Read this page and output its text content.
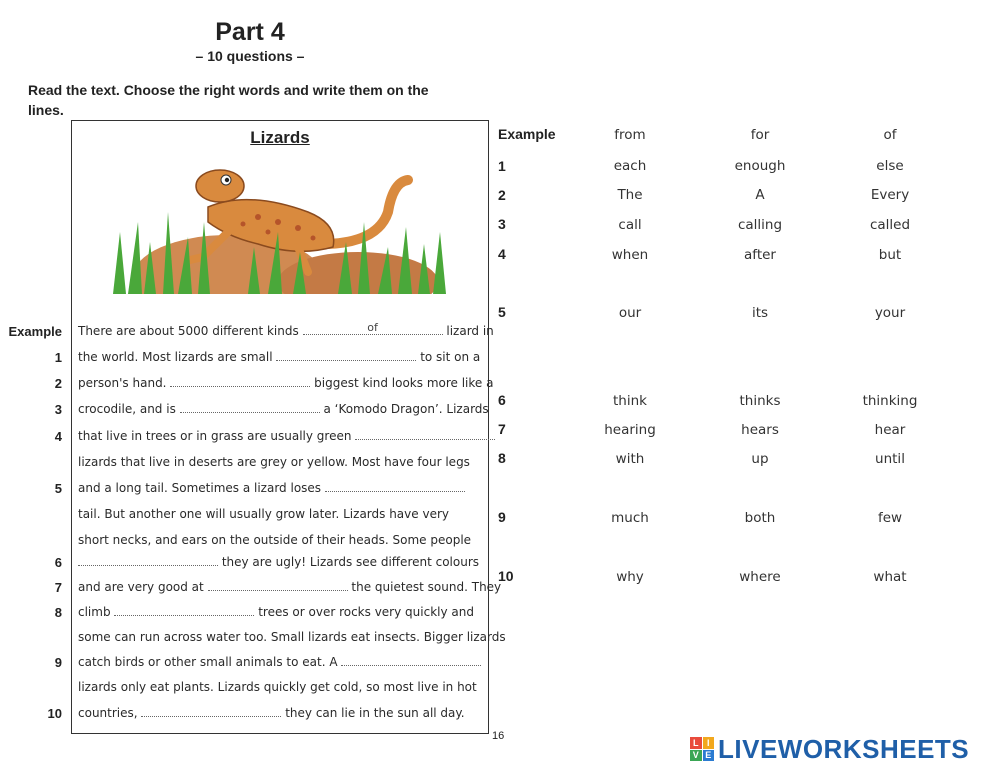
Part 4
– 10 questions –
Read the text. Choose the right words and write them on the lines.
Lizards
There are about 5000 different kinds	of	lizard in
the world. Most lizards are small	to sit on a
person's hand.	biggest kind looks more like a
crocodile, and is	a ‘Komodo Dragon’. Lizards
that live in trees or in grass are usually green
lizards that live in deserts are grey or yellow. Most have four legs
and a long tail. Sometimes a lizard loses
tail. But another one will usually grow later. Lizards have very
short necks, and ears on the outside of their heads. Some people
they are ugly! Lizards see different colours
and are very good at	the quietest sound. They
climb	trees or over rocks very quickly and
some can run across water too. Small lizards eat insects. Bigger lizards
catch birds or other small animals to eat. A
lizards only eat plants. Lizards quickly get cold, so most live in hot
countries,	they can lie in the sun all day.
Example
1
2
3
4
5
6
7
8
9
10
Example	from	for	of
1	each	enough	else
2	The	A	Every
3	call	calling	called
4	when	after	but
5	our	its	your
6	think	thinks	thinking
7	hearing	hears	hear
8	with	up	until
9	much	both	few
10	why	where	what
16
L I
V E LIVEWORKSHEETS
